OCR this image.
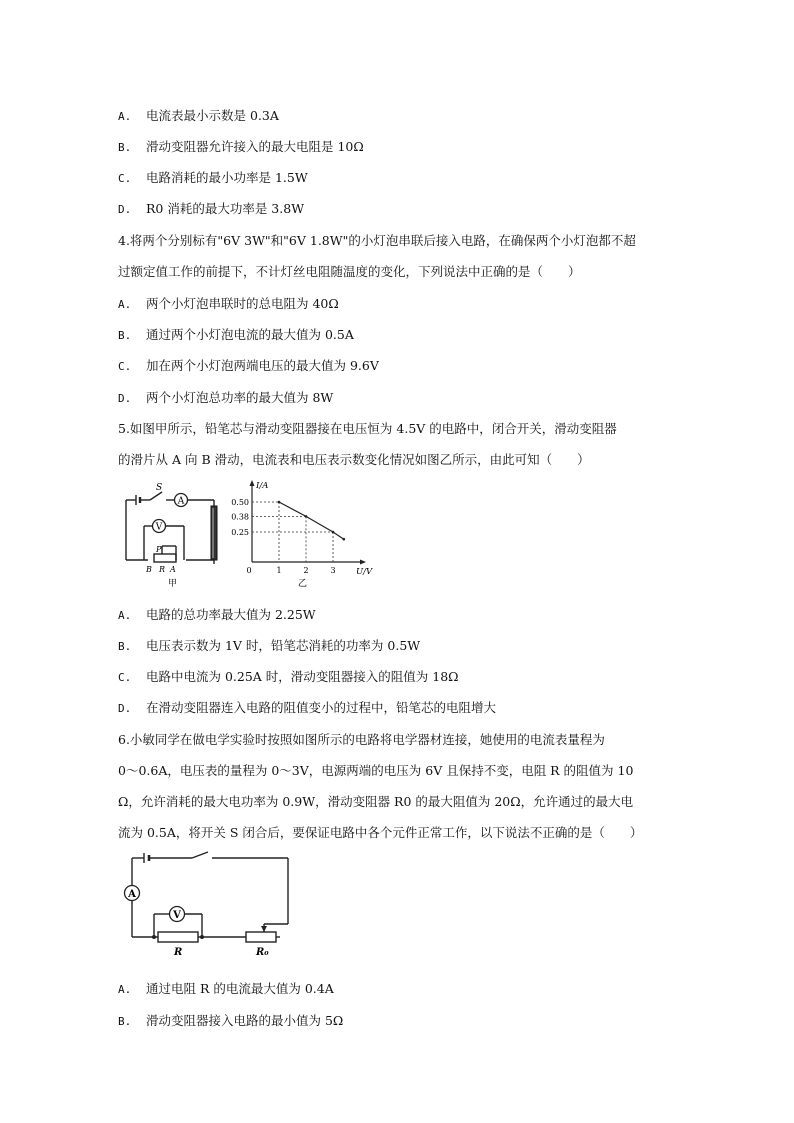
A. 电流表最小示数是 0.3A
B. 滑动变阻器允许接入的最大电阻是 10Ω
C. 电路消耗的最小功率是 1.5W
D. R0 消耗的最大功率是 3.8W
4.将两个分别标有"6V 3W"和"6V 1.8W"的小灯泡串联后接入电路，在确保两个小灯泡都不超
过额定值工作的前提下，不计灯丝电阻随温度的变化，下列说法中正确的是（　　）
A. 两个小灯泡串联时的总电阻为 40Ω
B. 通过两个小灯泡电流的最大值为 0.5A
C. 加在两个小灯泡两端电压的最大值为 9.6V
D. 两个小灯泡总功率的最大值为 8W
5.如图甲所示，铅笔芯与滑动变阻器接在电压恒为 4.5V 的电路中，闭合开关，滑动变阻器
的滑片从 A 向 B 滑动，电流表和电压表示数变化情况如图乙所示，由此可知（　　）
A
V
S
P
B R A
甲
0.50
0.38
0.25
0	1	2	3
I/A
U/V
乙
A. 电路的总功率最大值为 2.25W
B. 电压表示数为 1V 时，铅笔芯消耗的功率为 0.5W
C. 电路中电流为 0.25A 时，滑动变阻器接入的阻值为 18Ω
D. 在滑动变阻器连入电路的阻值变小的过程中，铅笔芯的电阻增大
6.小敏同学在做电学实验时按照如图所示的电路将电学器材连接，她使用的电流表量程为
0～0.6A，电压表的量程为 0～3V，电源两端的电压为 6V 且保持不变，电阻 R 的阻值为 10
Ω，允许消耗的最大电功率为 0.9W，滑动变阻器 R0 的最大阻值为 20Ω，允许通过的最大电
流为 0.5A，将开关 S 闭合后，要保证电路中各个元件正常工作，以下说法不正确的是（　　）
A
V
R	R₀
A. 通过电阻 R 的电流最大值为 0.4A
B. 滑动变阻器接入电路的最小值为 5Ω
